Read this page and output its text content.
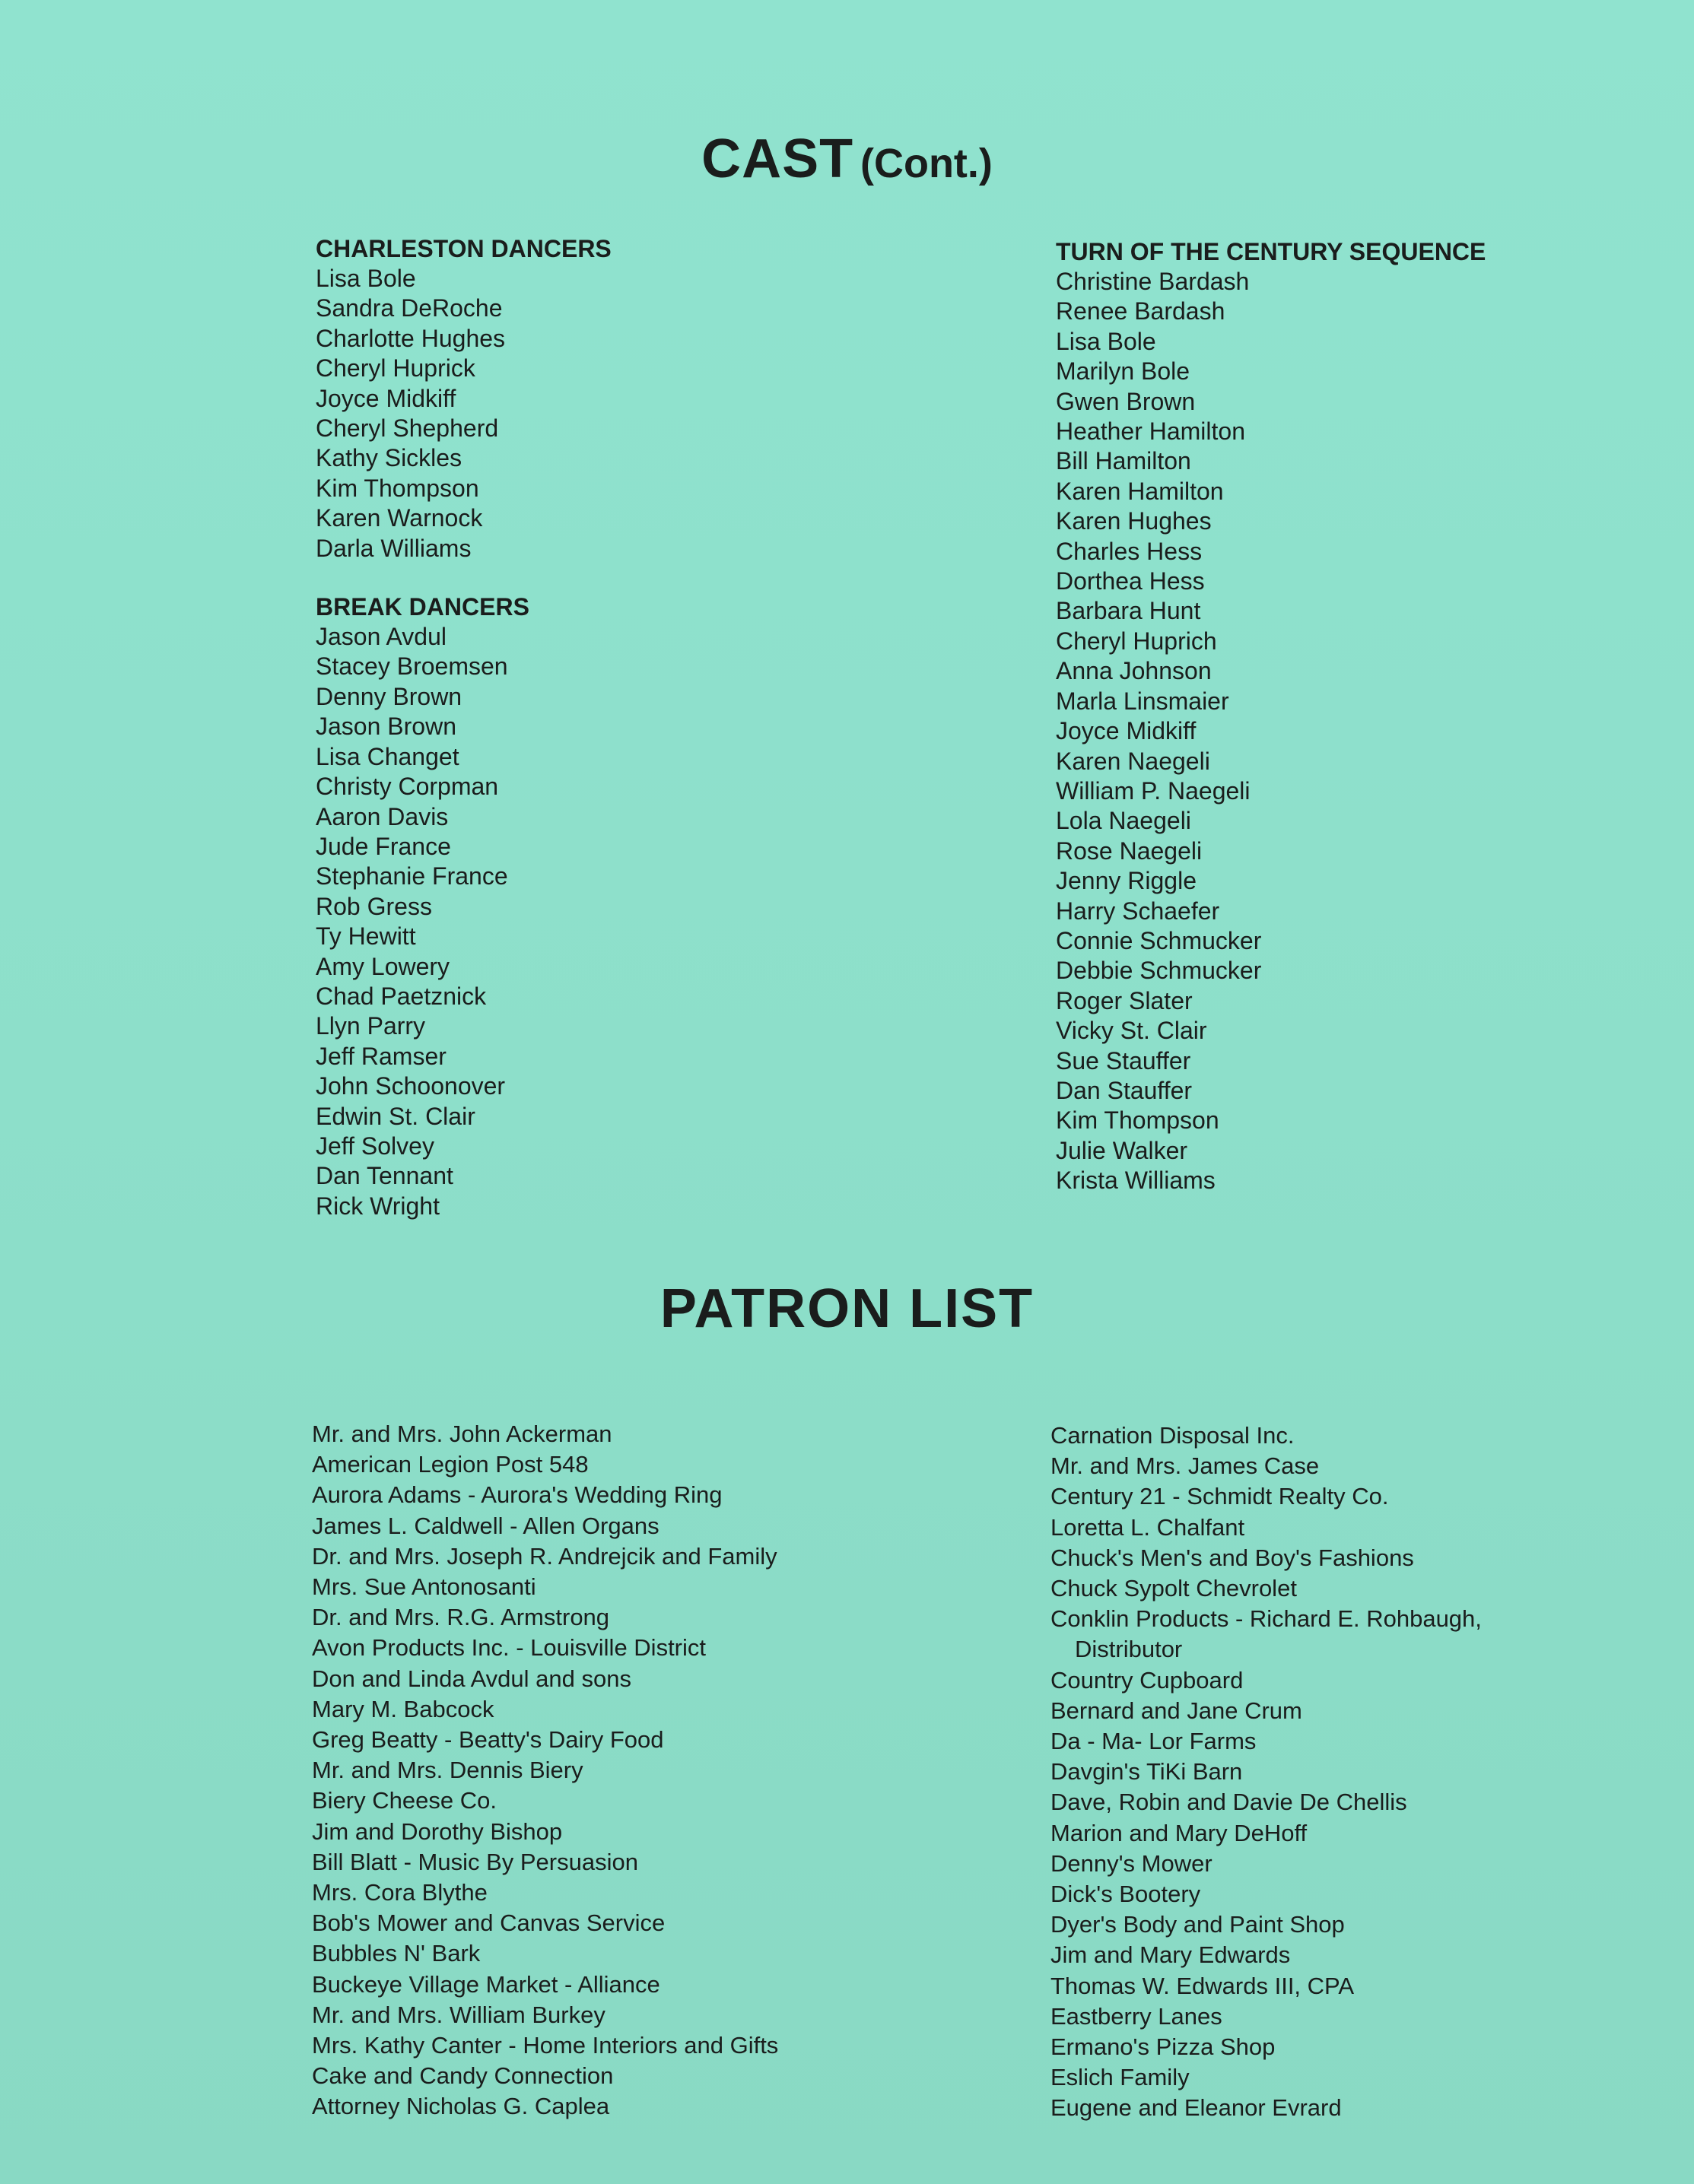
CAST (Cont.)
CHARLESTON DANCERS
Lisa Bole
Sandra DeRoche
Charlotte Hughes
Cheryl Huprick
Joyce Midkiff
Cheryl Shepherd
Kathy Sickles
Kim Thompson
Karen Warnock
Darla Williams
BREAK DANCERS
Jason Avdul
Stacey Broemsen
Denny Brown
Jason Brown
Lisa Changet
Christy Corpman
Aaron Davis
Jude France
Stephanie France
Rob Gress
Ty Hewitt
Amy Lowery
Chad Paetznick
Llyn Parry
Jeff Ramser
John Schoonover
Edwin St. Clair
Jeff Solvey
Dan Tennant
Rick Wright
TURN OF THE CENTURY SEQUENCE
Christine Bardash
Renee Bardash
Lisa Bole
Marilyn Bole
Gwen Brown
Heather Hamilton
Bill Hamilton
Karen Hamilton
Karen Hughes
Charles Hess
Dorthea Hess
Barbara Hunt
Cheryl Huprich
Anna Johnson
Marla Linsmaier
Joyce Midkiff
Karen Naegeli
William P. Naegeli
Lola Naegeli
Rose Naegeli
Jenny Riggle
Harry Schaefer
Connie Schmucker
Debbie Schmucker
Roger Slater
Vicky St. Clair
Sue Stauffer
Dan Stauffer
Kim Thompson
Julie Walker
Krista Williams
PATRON LIST
Mr. and Mrs. John Ackerman
American Legion Post 548
Aurora Adams - Aurora's Wedding Ring
James L. Caldwell - Allen Organs
Dr. and Mrs. Joseph R. Andrejcik and Family
Mrs. Sue Antonosanti
Dr. and Mrs. R.G. Armstrong
Avon Products Inc. - Louisville District
Don and Linda Avdul and sons
Mary M. Babcock
Greg Beatty - Beatty's Dairy Food
Mr. and Mrs. Dennis Biery
Biery Cheese Co.
Jim and Dorothy Bishop
Bill Blatt - Music By Persuasion
Mrs. Cora Blythe
Bob's Mower and Canvas Service
Bubbles N' Bark
Buckeye Village Market - Alliance
Mr. and Mrs. William Burkey
Mrs. Kathy Canter - Home Interiors and Gifts
Cake and Candy Connection
Attorney Nicholas G. Caplea
Carnation Disposal Inc.
Mr. and Mrs. James Case
Century 21 - Schmidt Realty Co.
Loretta L. Chalfant
Chuck's Men's and Boy's Fashions
Chuck Sypolt Chevrolet
Conklin Products - Richard E. Rohbaugh,
Distributor
Country Cupboard
Bernard and Jane Crum
Da - Ma- Lor Farms
Davgin's TiKi Barn
Dave, Robin and Davie De Chellis
Marion and Mary DeHoff
Denny's Mower
Dick's Bootery
Dyer's Body and Paint Shop
Jim and Mary Edwards
Thomas W. Edwards III, CPA
Eastberry Lanes
Ermano's Pizza Shop
Eslich Family
Eugene and Eleanor Evrard
